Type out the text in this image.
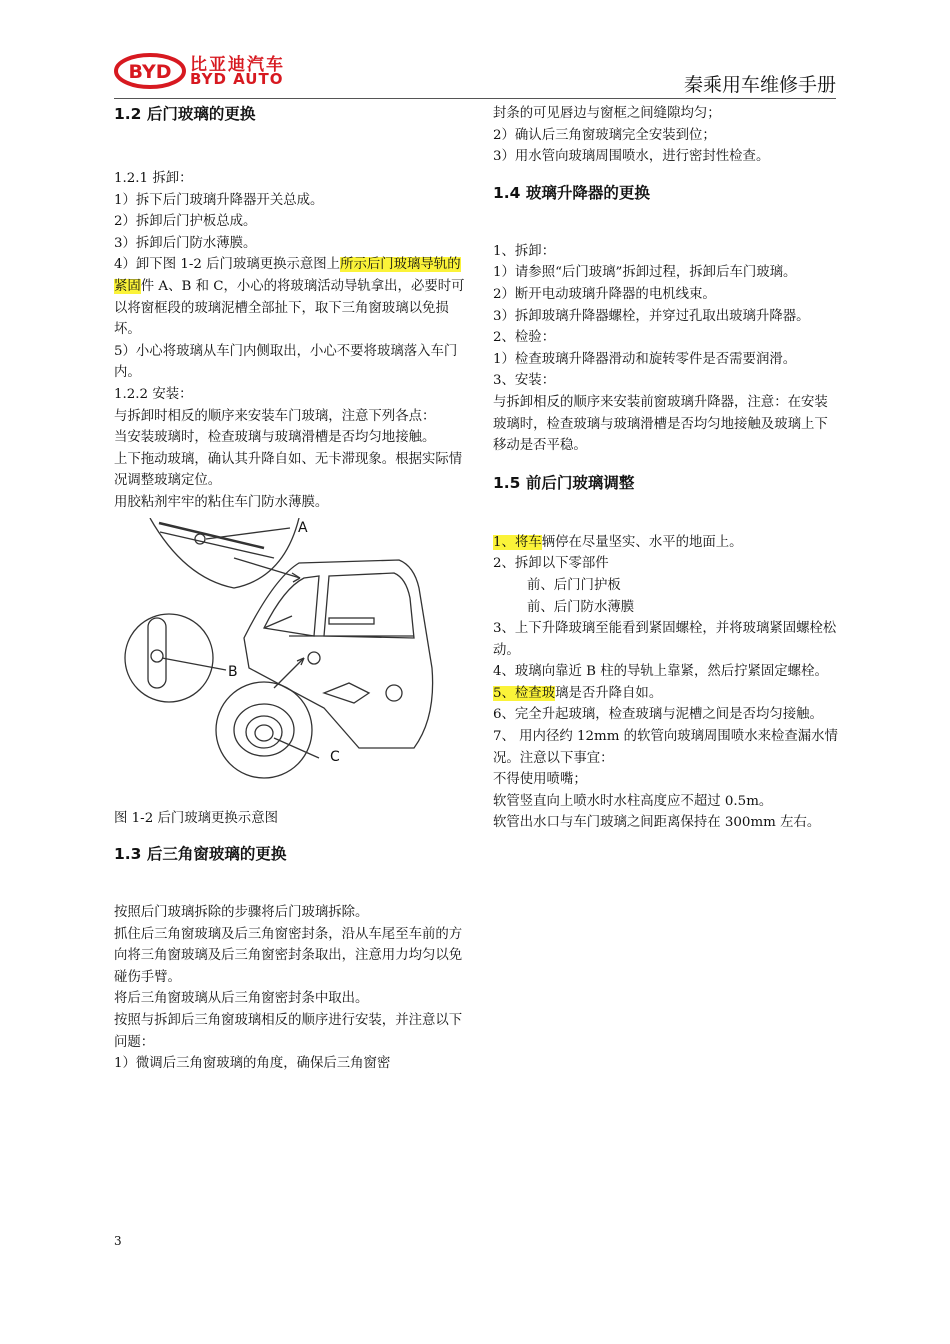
BYD 比亚迪汽车
BYD AUTO	秦乘用车维修手册
1.2 后门玻璃的更换

1.2.1 拆卸：

1）拆下后门玻璃升降器开关总成。

2）拆卸后门护板总成。

3）拆卸后门防水薄膜。

4）卸下图 1-2 后门玻璃更换示意图上所示后门玻璃导轨的紧固件 A、B 和 C，小心的将玻璃活动导轨拿出，必要时可以将窗框段的玻璃泥槽全部扯下，取下三角窗玻璃以免损坏。

5）小心将玻璃从车门内侧取出，小心不要将玻璃落入车门内。

1.2.2 安装：

与拆卸时相反的顺序来安装车门玻璃，注意下列各点：

当安装玻璃时，检查玻璃与玻璃滑槽是否均匀地接触。

上下拖动玻璃，确认其升降自如、无卡滞现象。根据实际情况调整玻璃定位。

用胶粘剂牢牢的粘住车门防水薄膜。

A
B
C

图 1-2 后门玻璃更换示意图

1.3 后三角窗玻璃的更换

按照后门玻璃拆除的步骤将后门玻璃拆除。

抓住后三角窗玻璃及后三角窗密封条，沿从车尾至车前的方向将三角窗玻璃及后三角窗密封条取出，注意用力均匀以免碰伤手臂。

将后三角窗玻璃从后三角窗密封条中取出。

按照与拆卸后三角窗玻璃相反的顺序进行安装，并注意以下问题：

1）微调后三角窗玻璃的角度，确保后三角窗密

封条的可见唇边与窗框之间缝隙均匀；

2）确认后三角窗玻璃完全安装到位；

3）用水管向玻璃周围喷水，进行密封性检查。

1.4 玻璃升降器的更换

1、拆卸：

1）请参照“后门玻璃”拆卸过程，拆卸后车门玻璃。

2）断开电动玻璃升降器的电机线束。

3）拆卸玻璃升降器螺栓，并穿过孔取出玻璃升降器。

2、检验：

1）检查玻璃升降器滑动和旋转零件是否需要润滑。

3、安装：

与拆卸相反的顺序来安装前窗玻璃升降器，注意：在安装玻璃时，检查玻璃与玻璃滑槽是否均匀地接触及玻璃上下移动是否平稳。

1.5 前后门玻璃调整

1、将车辆停在尽量坚实、水平的地面上。

2、拆卸以下零部件

前、后门门护板

前、后门防水薄膜

3、上下升降玻璃至能看到紧固螺栓，并将玻璃紧固螺栓松动。

4、玻璃向靠近 B 柱的导轨上靠紧，然后拧紧固定螺栓。

5、检查玻璃是否升降自如。

6、完全升起玻璃，检查玻璃与泥槽之间是否均匀接触。

7、 用内径约 12mm 的软管向玻璃周围喷水来检查漏水情况。注意以下事宜：

不得使用喷嘴；

软管竖直向上喷水时水柱高度应不超过 0.5m。

软管出水口与车门玻璃之间距离保持在 300mm 左右。

3
